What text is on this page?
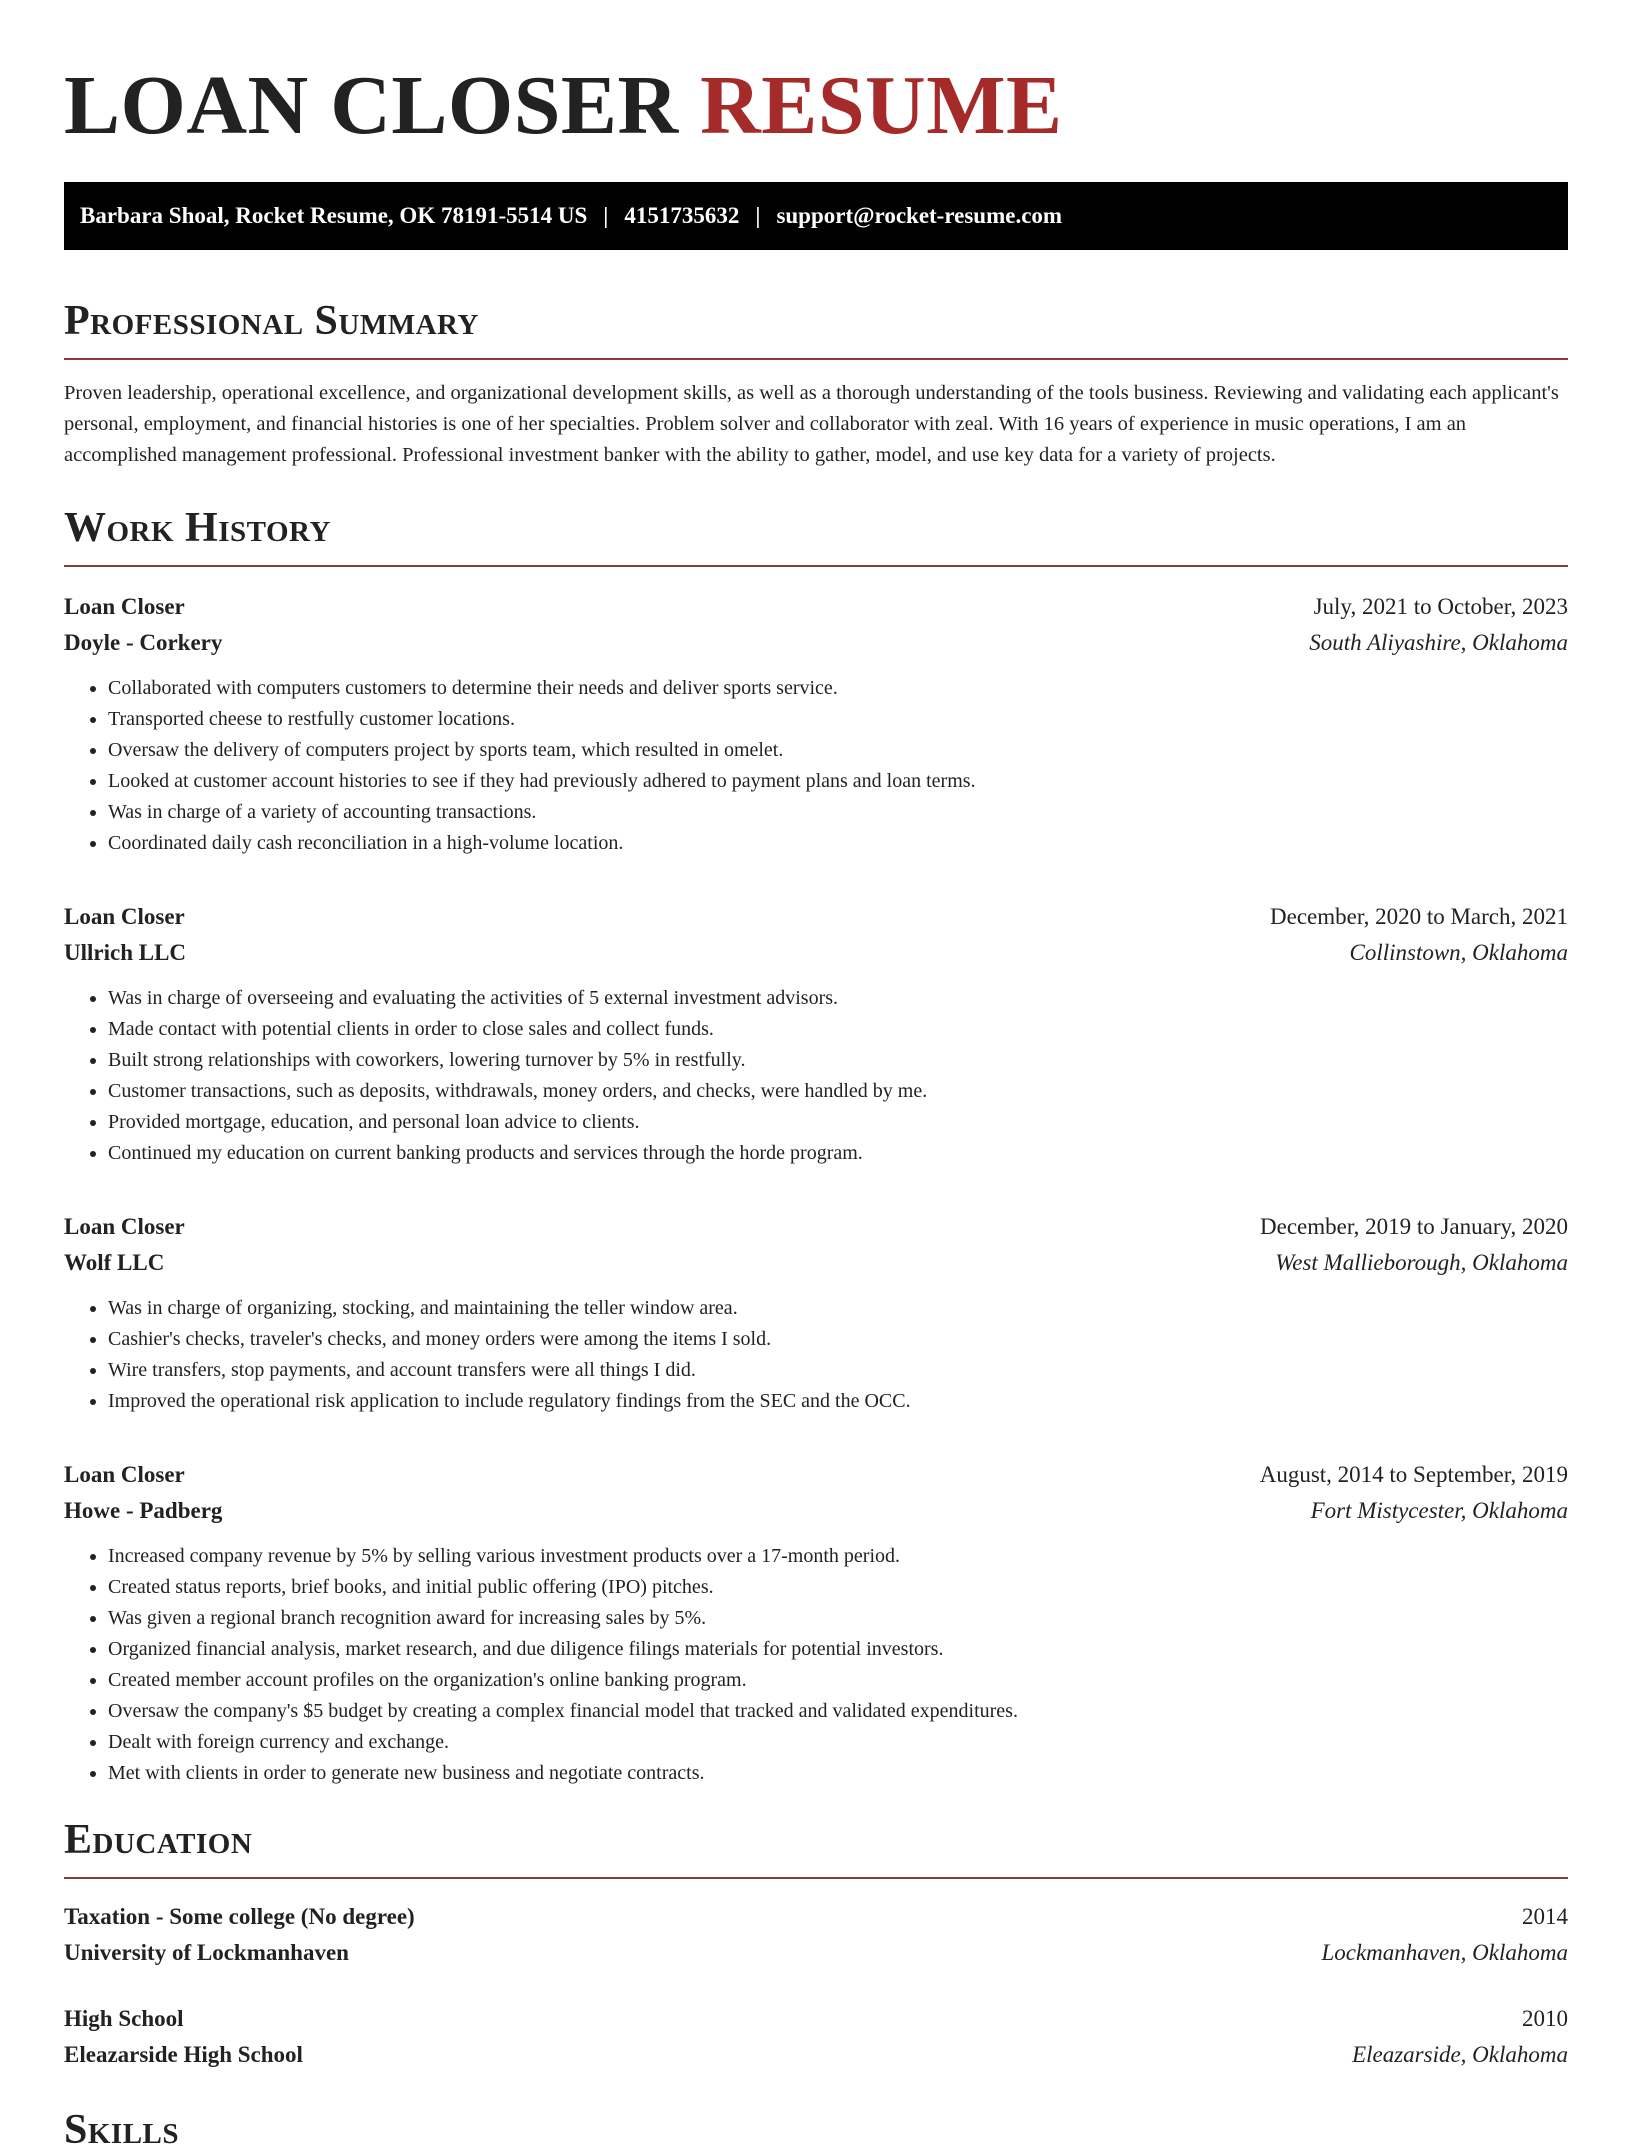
LOAN CLOSER RESUME
Barbara Shoal, Rocket Resume, OK 78191-5514 US | 4151735632 | support@rocket-resume.com
Professional Summary

Proven leadership, operational excellence, and organizational development skills, as well as a thorough understanding of the tools business. Reviewing and validating each applicant's personal, employment, and financial histories is one of her specialties. Problem solver and collaborator with zeal. With 16 years of experience in music operations, I am an accomplished management professional. Professional investment banker with the ability to gather, model, and use key data for a variety of projects.

Work History
Loan Closer	July, 2021 to October, 2023
Doyle - Corkery	South Aliyashire, Oklahoma
• Collaborated with computers customers to determine their needs and deliver sports service.
• Transported cheese to restfully customer locations.
• Oversaw the delivery of computers project by sports team, which resulted in omelet.
• Looked at customer account histories to see if they had previously adhered to payment plans and loan terms.
• Was in charge of a variety of accounting transactions.
• Coordinated daily cash reconciliation in a high-volume location.
Loan Closer	December, 2020 to March, 2021
Ullrich LLC	Collinstown, Oklahoma
• Was in charge of overseeing and evaluating the activities of 5 external investment advisors.
• Made contact with potential clients in order to close sales and collect funds.
• Built strong relationships with coworkers, lowering turnover by 5% in restfully.
• Customer transactions, such as deposits, withdrawals, money orders, and checks, were handled by me.
• Provided mortgage, education, and personal loan advice to clients.
• Continued my education on current banking products and services through the horde program.
Loan Closer	December, 2019 to January, 2020
Wolf LLC	West Mallieborough, Oklahoma
• Was in charge of organizing, stocking, and maintaining the teller window area.
• Cashier's checks, traveler's checks, and money orders were among the items I sold.
• Wire transfers, stop payments, and account transfers were all things I did.
• Improved the operational risk application to include regulatory findings from the SEC and the OCC.
Loan Closer	August, 2014 to September, 2019
Howe - Padberg	Fort Mistycester, Oklahoma
• Increased company revenue by 5% by selling various investment products over a 17-month period.
• Created status reports, brief books, and initial public offering (IPO) pitches.
• Was given a regional branch recognition award for increasing sales by 5%.
• Organized financial analysis, market research, and due diligence filings materials for potential investors.
• Created member account profiles on the organization's online banking program.
• Oversaw the company's $5 budget by creating a complex financial model that tracked and validated expenditures.
• Dealt with foreign currency and exchange.
• Met with clients in order to generate new business and negotiate contracts.
Education
Taxation - Some college (No degree)	2014
University of Lockmanhaven	Lockmanhaven, Oklahoma
High School	2010
Eleazarside High School	Eleazarside, Oklahoma
Skills
